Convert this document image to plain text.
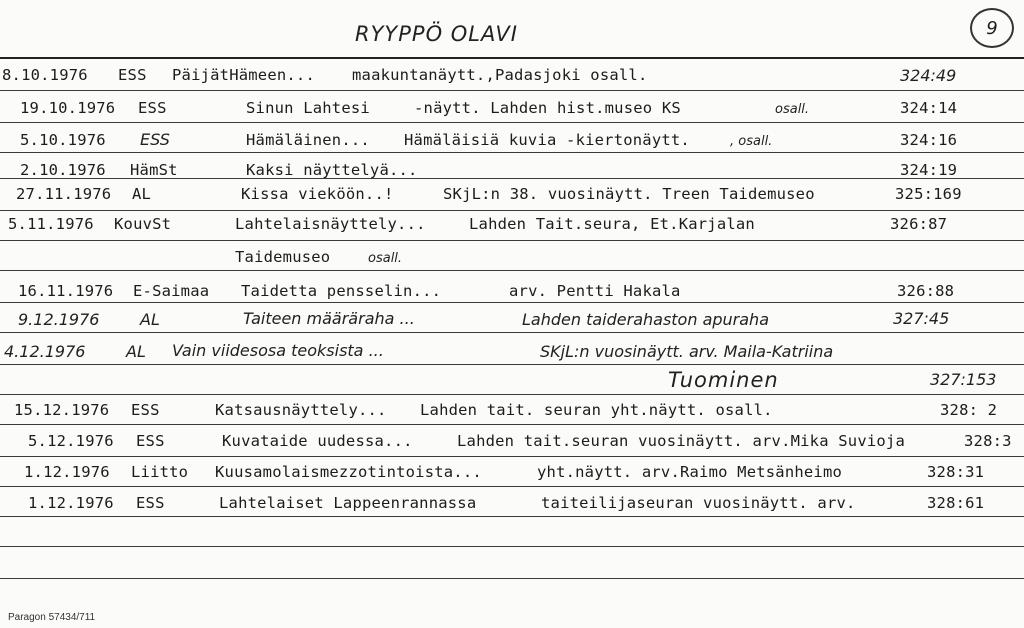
RYYPPÖ OLAVI	9
8.10.1976 ESS PäijätHämeen... maakuntanäytt.,Padasjoki osall.	324:49
19.10.1976 ESS	Sinun Lahtesi	-näytt. Lahden hist.museo KS	osall.	324:14
5.10.1976 ESS	Hämäläinen... Hämäläisiä kuvia -kiertonäytt.	, osall.	324:16
2.10.1976 HämSt	Kaksi näyttelyä...	324:19
27.11.1976 AL	Kissa vieköön..!	SKjL:n 38. vuosinäytt. Treen Taidemuseo	325:169
5.11.1976 KouvSt	Lahtelaisnäyttely...	Lahden Tait.seura, Et.Karjalan	326:87
Taidemuseo	osall.
16.11.1976 E-Saimaa Taidetta pensselin...	arv. Pentti Hakala	326:88
9.12.1976	AL	Taiteen määräraha ...	Lahden taiderahaston apuraha	327:45
4.12.1976	AL Vain viidesosa teoksista ...	SKjL:n vuosinäytt. arv. Maila-Katriina
Tuominen	327:153
15.12.1976 ESS	Katsausnäyttely... Lahden tait. seuran yht.näytt. osall.	328: 2
5.12.1976 ESS	Kuvataide uudessa...	Lahden tait.seuran vuosinäytt. arv.Mika Suvioja	328:3
1.12.1976 Liitto Kuusamolaismezzotintoista...	yht.näytt. arv.Raimo Metsänheimo	328:31
1.12.1976 ESS	Lahtelaiset Lappeenrannassa	taiteilijaseuran vuosinäytt. arv.	328:61
Paragon 57434/711
